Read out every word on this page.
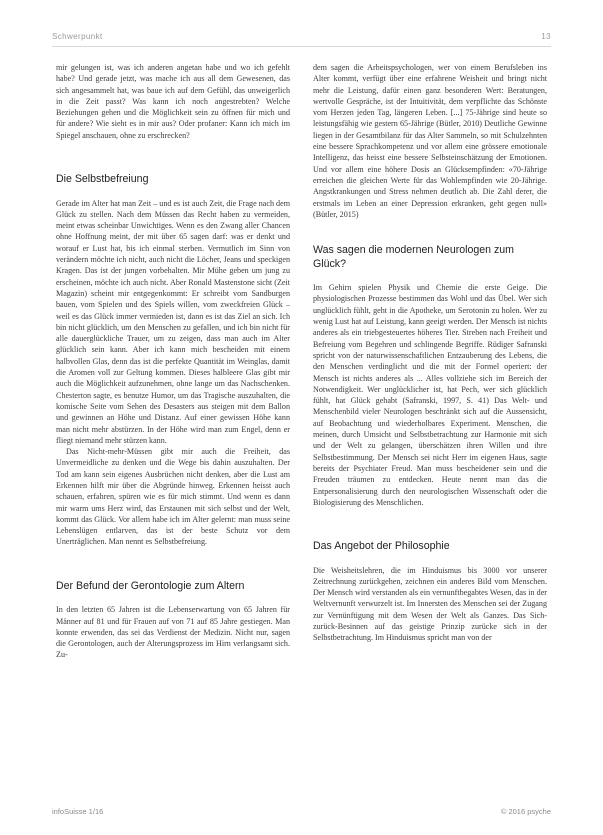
Schwerpunkt	13

mir gelungen ist, was ich anderen angetan habe und wo ich gefehlt habe? Und gerade jetzt, was mache ich aus all dem Gewesenen, das sich angesammelt hat, was baue ich auf dem Gefühl, das unweigerlich in die Zeit passt? Was kann ich noch angestrebten? Welche Beziehungen gehen und die Möglichkeit sein zu öffnen für mich und für andere? Wie sieht es in mir aus? Oder profaner: Kann ich mich im Spiegel anschauen, ohne zu erschrecken?

Die Selbstbefreiung

Gerade im Alter hat man Zeit – und es ist auch Zeit, die Frage nach dem Glück zu stellen. Nach dem Müssen das Recht haben zu vermeiden, meint etwas scheinbar Unwichtiges. Wenn es den Zwang aller Chancen ohne Hoffnung meint, der mit über 65 sagen darf: was er denkt und worauf er Lust hat, bis ich einmal sterben. Vermutlich im Sinn von verändern möchte ich nicht, auch nicht die Löcher, Jeans und speckigen Kragen. Das ist der jungen vorbehalten. Mir Mühe geben um jung zu erscheinen, möchte ich auch nicht. Aber Ronald Mastenstone sicht (Zeit Magazin) scheint mir entgegenkommt: Er schreibt vom Sandburgen bauen, vom Spielen und des Spiels willen, vom zweckfreien Glück – weil es das Glück immer vermieden ist, dann es ist das Ziel an sich. Ich bin nicht glücklich, um den Menschen zu gefallen, und ich bin nicht für alle dauerglückliche Trauer, um zu zeigen, dass man auch im Alter glücklich sein kann. Aber ich kann mich bescheiden mit einem halbvollen Glas, denn das ist die perfekte Quantität im Weinglas, damit die Aromen voll zur Geltung kommen. Dieses halbleere Glas gibt mir auch die Möglichkeit aufzunehmen, ohne lange um das Nachschenken. Chesterton sagte, es benutze Humor, um das Tragische auszuhalten, die komische Seite vom Sehen des Desasters aus steigen mit dem Ballon und gewinnen an Höhe und Distanz. Auf einer gewissen Höhe kann man nicht mehr abstürzen. In der Höhe wird man zum Engel, denn er fliegt niemand mehr stürzen kann.

Das Nicht-mehr-Müssen gibt mir auch die Freiheit, das Unvermeidliche zu denken und die Wege bis dahin auszuhalten. Der Tod am kann sein eigenes Ausbrüchen nicht denken, aber die Lust am Erkennen hilft mir über die Abgründe hinweg. Erkennen heisst auch schauen, erfahren, spüren wie es für mich stimmt. Und wenn es dann mir warm ums Herz wird, das Erstaunen mit sich selbst und der Welt, kommt das Glück. Vor allem habe ich im Alter gelernt: man muss seine Lebenslügen entlarven, das ist der beste Schutz vor dem Unerträglichen. Man nennt es Selbstbefreiung.

Der Befund der Gerontologie zum Altern

In den letzten 65 Jahren ist die Lebenserwartung von 65 Jahren für Männer auf 81 und für Frauen auf von 71 auf 85 Jahre gestiegen. Man konnte erwenden, das sei das Verdienst der Medizin. Nicht nur, sagen die Gerontologen, auch der Alterungsprozess im Hirn verlangsamt sich. Zu-

dem sagen die Arbeitspsychologen, wer von einem Berufsleben ins Alter kommt, verfügt über eine erfahrene Weisheit und bringt nicht mehr die Leistung, dafür einen ganz besonderen Wert: Beratungen, wertvolle Gespräche, ist der Intuitivität, dem verpflichte das Schönste vom Herzen jeden Tag, längeren Leben. [...] 75-Jährige sind heute so leistungsfähig wie gestern 65-Jährige (Bütler, 2010) Deutliche Gewinne liegen in der Gesamtbilanz für das Alter Sammeln, so mit Schulzehnten eine bessere Sprachkompetenz und vor allem eine grössere emotionale Intelligenz, das heisst eine bessere Selbsteinschätzung der Emotionen. Und vor allem eine höhere Dosis an Glücksempfinden: «70-Jährige erreichen die gleichen Werte für das Wohlempfinden wie 20-Jährige. Angstkrankungen und Stress nehmen deutlich ab. Die Zahl derer, die erstmals im Leben an einer Depression erkranken, geht gegen null» (Bütler, 2015)

Was sagen die modernen Neurologen zum Glück?

Im Gehirn spielen Physik und Chemie die erste Geige. Die physiologischen Prozesse bestimmen das Wohl und das Übel. Wer sich unglücklich fühlt, geht in die Apotheke, um Serotonin zu holen. Wer zu wenig Lust hat auf Leistung, kann geeigt werden. Der Mensch ist nichts anderes als ein triebgesteuertes höheres Tier. Streben nach Freiheit und Befreiung vom Begehren und schlingende Begriffe. Rüdiger Safranski spricht von der naturwissenschaftlichen Entzauberung des Lebens, die den Menschen verdinglicht und die mit der Formel operiert: der Mensch ist nichts anderes als ... Alles vollziehe sich im Bereich der Notwendigkeit. Wer unglücklicher ist, hat Pech, wer sich glücklich fühlt, hat Glück gehabt (Safranski, 1997, S. 41) Das Welt- und Menschenbild vieler Neurologen beschränkt sich auf die Aussensicht, auf Beobachtung und wiederholbares Experiment. Menschen, die meinen, durch Umsicht und Selbstbetrachtung zur Harmonie mit sich und der Welt zu gelangen, überschätzen ihren Willen und ihre Selbstbestimmung. Der Mensch sei nicht Herr im eigenen Haus, sagte bereits der Psychiater Freud. Man muss bescheidener sein und die Freuden träumen zu entdecken. Heute nennt man das die Entpersonalisierung durch den neurologischen Wissenschaft oder die Biologisierung des Menschlichen.

Das Angebot der Philosophie

Die Weisheitslehren, die im Hinduismus bis 3000 vor unserer Zeitrechnung zurückgehen, zeichnen ein anderes Bild vom Menschen. Der Mensch wird verstanden als ein vernunftbegabtes Wesen, das in der Weltvernunft verwurzelt ist. Im Innersten des Menschen sei der Zugang zur Vernünftigung mit dem Wesen der Welt als Ganzes. Das Sich-zurück-Besinnen auf das geistige Prinzip zurücke sich in der Selbstbetrachtung. Im Hinduismus spricht man von der

infoSuisse 1/16	© 2016 psyche
